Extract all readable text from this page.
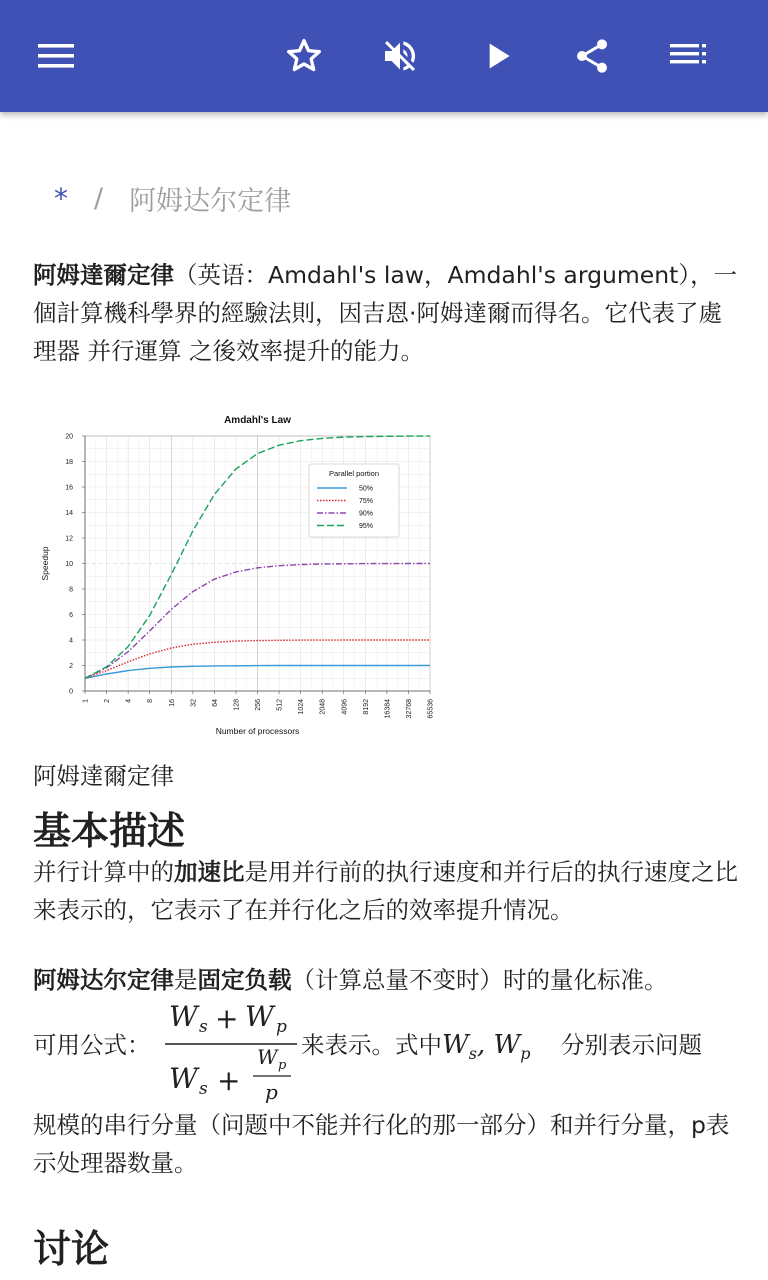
* / 阿姆达尔定律
阿姆達爾定律（英语：Amdahl's law，Amdahl's argument），一個計算機科學界的經驗法則，因吉恩·阿姆達爾而得名。它代表了處理器 并行運算 之後效率提升的能力。
0
2
4
6
8
10
12
14
16
18
20
1 2 4 8 16 32 64 128 256 512 1024 2048 4096 8192 16384 32768 65536
Amdahl's Law
Number of processors
Speedup
Parallel portion
50%
75%
90%
95%
阿姆達爾定律
基本描述
并行计算中的加速比是用并行前的执行速度和并行后的执行速度之比来表示的，它表示了在并行化之后的效率提升情况。
阿姆达尔定律是固定负载（计算总量不变时）时的量化标准。
可用公式：
W s + W p
W s +
W p
p
来表示。式中$W_s$, $W_p$ 分别表示问题
规模的串行分量（问题中不能并行化的那一部分）和并行分量，p表示处理器数量。
讨论
